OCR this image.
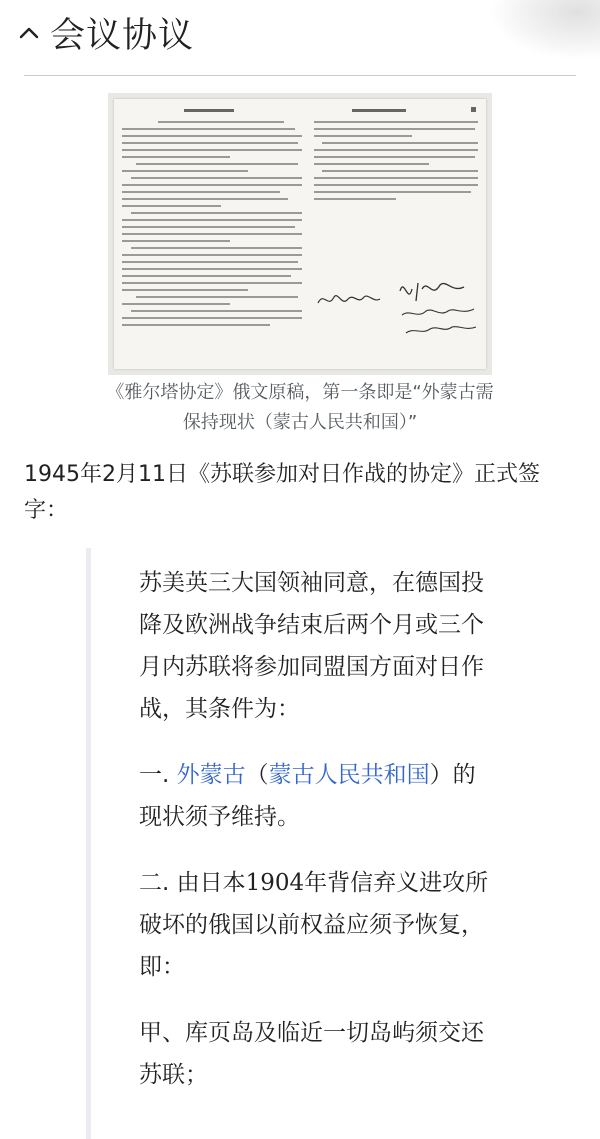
会议协议
《雅尔塔协定》俄文原稿，第一条即是“外蒙古需保持现状（蒙古人民共和国）”
1945年2月11日《苏联参加对日作战的协定》正式签字：

苏美英三大国领袖同意，在德国投降及欧洲战争结束后两个月或三个月内苏联将参加同盟国方面对日作战，其条件为：

一. 外蒙古（蒙古人民共和国）的现状须予维持。

二. 由日本1904年背信弃义进攻所破坏的俄国以前权益应须予恢复，即：

甲、库页岛及临近一切岛屿须交还苏联；
